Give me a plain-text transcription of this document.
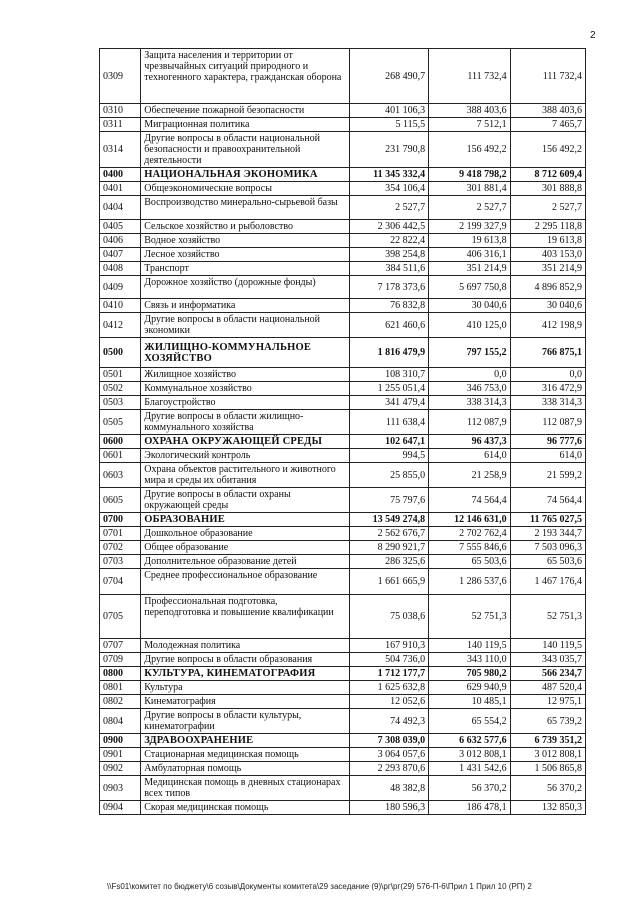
2
0309	Защита населения и территории от чрезвычайных ситуаций природного и техногенного характера, гражданская оборона	268 490,7	111 732,4	111 732,4
0310	Обеспечение пожарной безопасности	401 106,3	388 403,6	388 403,6
0311	Миграционная политика	5 115,5	7 512,1	7 465,7
0314	Другие вопросы в области национальной безопасности и правоохранительной деятельности	231 790,8	156 492,2	156 492,2
0400	НАЦИОНАЛЬНАЯ ЭКОНОМИКА	11 345 332,4	9 418 798,2	8 712 609,4
0401	Общеэкономические вопросы	354 106,4	301 881,4	301 888,8
0404	Воспроизводство минерально-сырьевой базы	2 527,7	2 527,7	2 527,7
0405	Сельское хозяйство и рыболовство	2 306 442,5	2 199 327,9	2 295 118,8
0406	Водное хозяйство	22 822,4	19 613,8	19 613,8
0407	Лесное хозяйство	398 254,8	406 316,1	403 153,0
0408	Транспорт	384 511,6	351 214,9	351 214,9
0409	Дорожное хозяйство (дорожные фонды)	7 178 373,6	5 697 750,8	4 896 852,9
0410	Связь и информатика	76 832,8	30 040,6	30 040,6
0412	Другие вопросы в области национальной экономики	621 460,6	410 125,0	412 198,9
0500	ЖИЛИЩНО-КОММУНАЛЬНОЕ ХОЗЯЙСТВО	1 816 479,9	797 155,2	766 875,1
0501	Жилищное хозяйство	108 310,7	0,0	0,0
0502	Коммунальное хозяйство	1 255 051,4	346 753,0	316 472,9
0503	Благоустройство	341 479,4	338 314,3	338 314,3
0505	Другие вопросы в области жилищно-коммунального хозяйства	111 638,4	112 087,9	112 087,9
0600	ОХРАНА ОКРУЖАЮЩЕЙ СРЕДЫ	102 647,1	96 437,3	96 777,6
0601	Экологический контроль	994,5	614,0	614,0
0603	Охрана объектов растительного и животного мира и среды их обитания	25 855,0	21 258,9	21 599,2
0605	Другие вопросы в области охраны окружающей среды	75 797,6	74 564,4	74 564,4
0700	ОБРАЗОВАНИЕ	13 549 274,8	12 146 631,0	11 765 027,5
0701	Дошкольное образование	2 562 676,7	2 702 762,4	2 193 344,7
0702	Общее образование	8 290 921,7	7 555 846,6	7 503 096,3
0703	Дополнительное образование детей	286 325,6	65 503,6	65 503,6
0704	Среднее профессиональное образование	1 661 665,9	1 286 537,6	1 467 176,4
0705	Профессиональная подготовка, переподготовка и повышение квалификации	75 038,6	52 751,3	52 751,3
0707	Молодежная политика	167 910,3	140 119,5	140 119,5
0709	Другие вопросы в области образования	504 736,0	343 110,0	343 035,7
0800	КУЛЬТУРА, КИНЕМАТОГРАФИЯ	1 712 177,7	705 980,2	566 234,7
0801	Культура	1 625 632,8	629 940,9	487 520,4
0802	Кинематография	12 052,6	10 485,1	12 975,1
0804	Другие вопросы в области культуры, кинематографии	74 492,3	65 554,2	65 739,2
0900	ЗДРАВООХРАНЕНИЕ	7 308 039,0	6 632 577,6	6 739 351,2
0901	Стационарная медицинская помощь	3 064 057,6	3 012 808,1	3 012 808,1
0902	Амбулаторная помощь	2 293 870,6	1 431 542,6	1 506 865,8
0903	Медицинская помощь в дневных стационарах всех типов	48 382,8	56 370,2	56 370,2
0904	Скорая медицинская помощь	180 596,3	186 478,1	132 850,3
\\Fs01\комитет по бюджету\6 созыв\Документы комитета\29 заседание (9)\рг\рг(29) 576-П-6\Прил 1 Прил 10 (РП) 2
